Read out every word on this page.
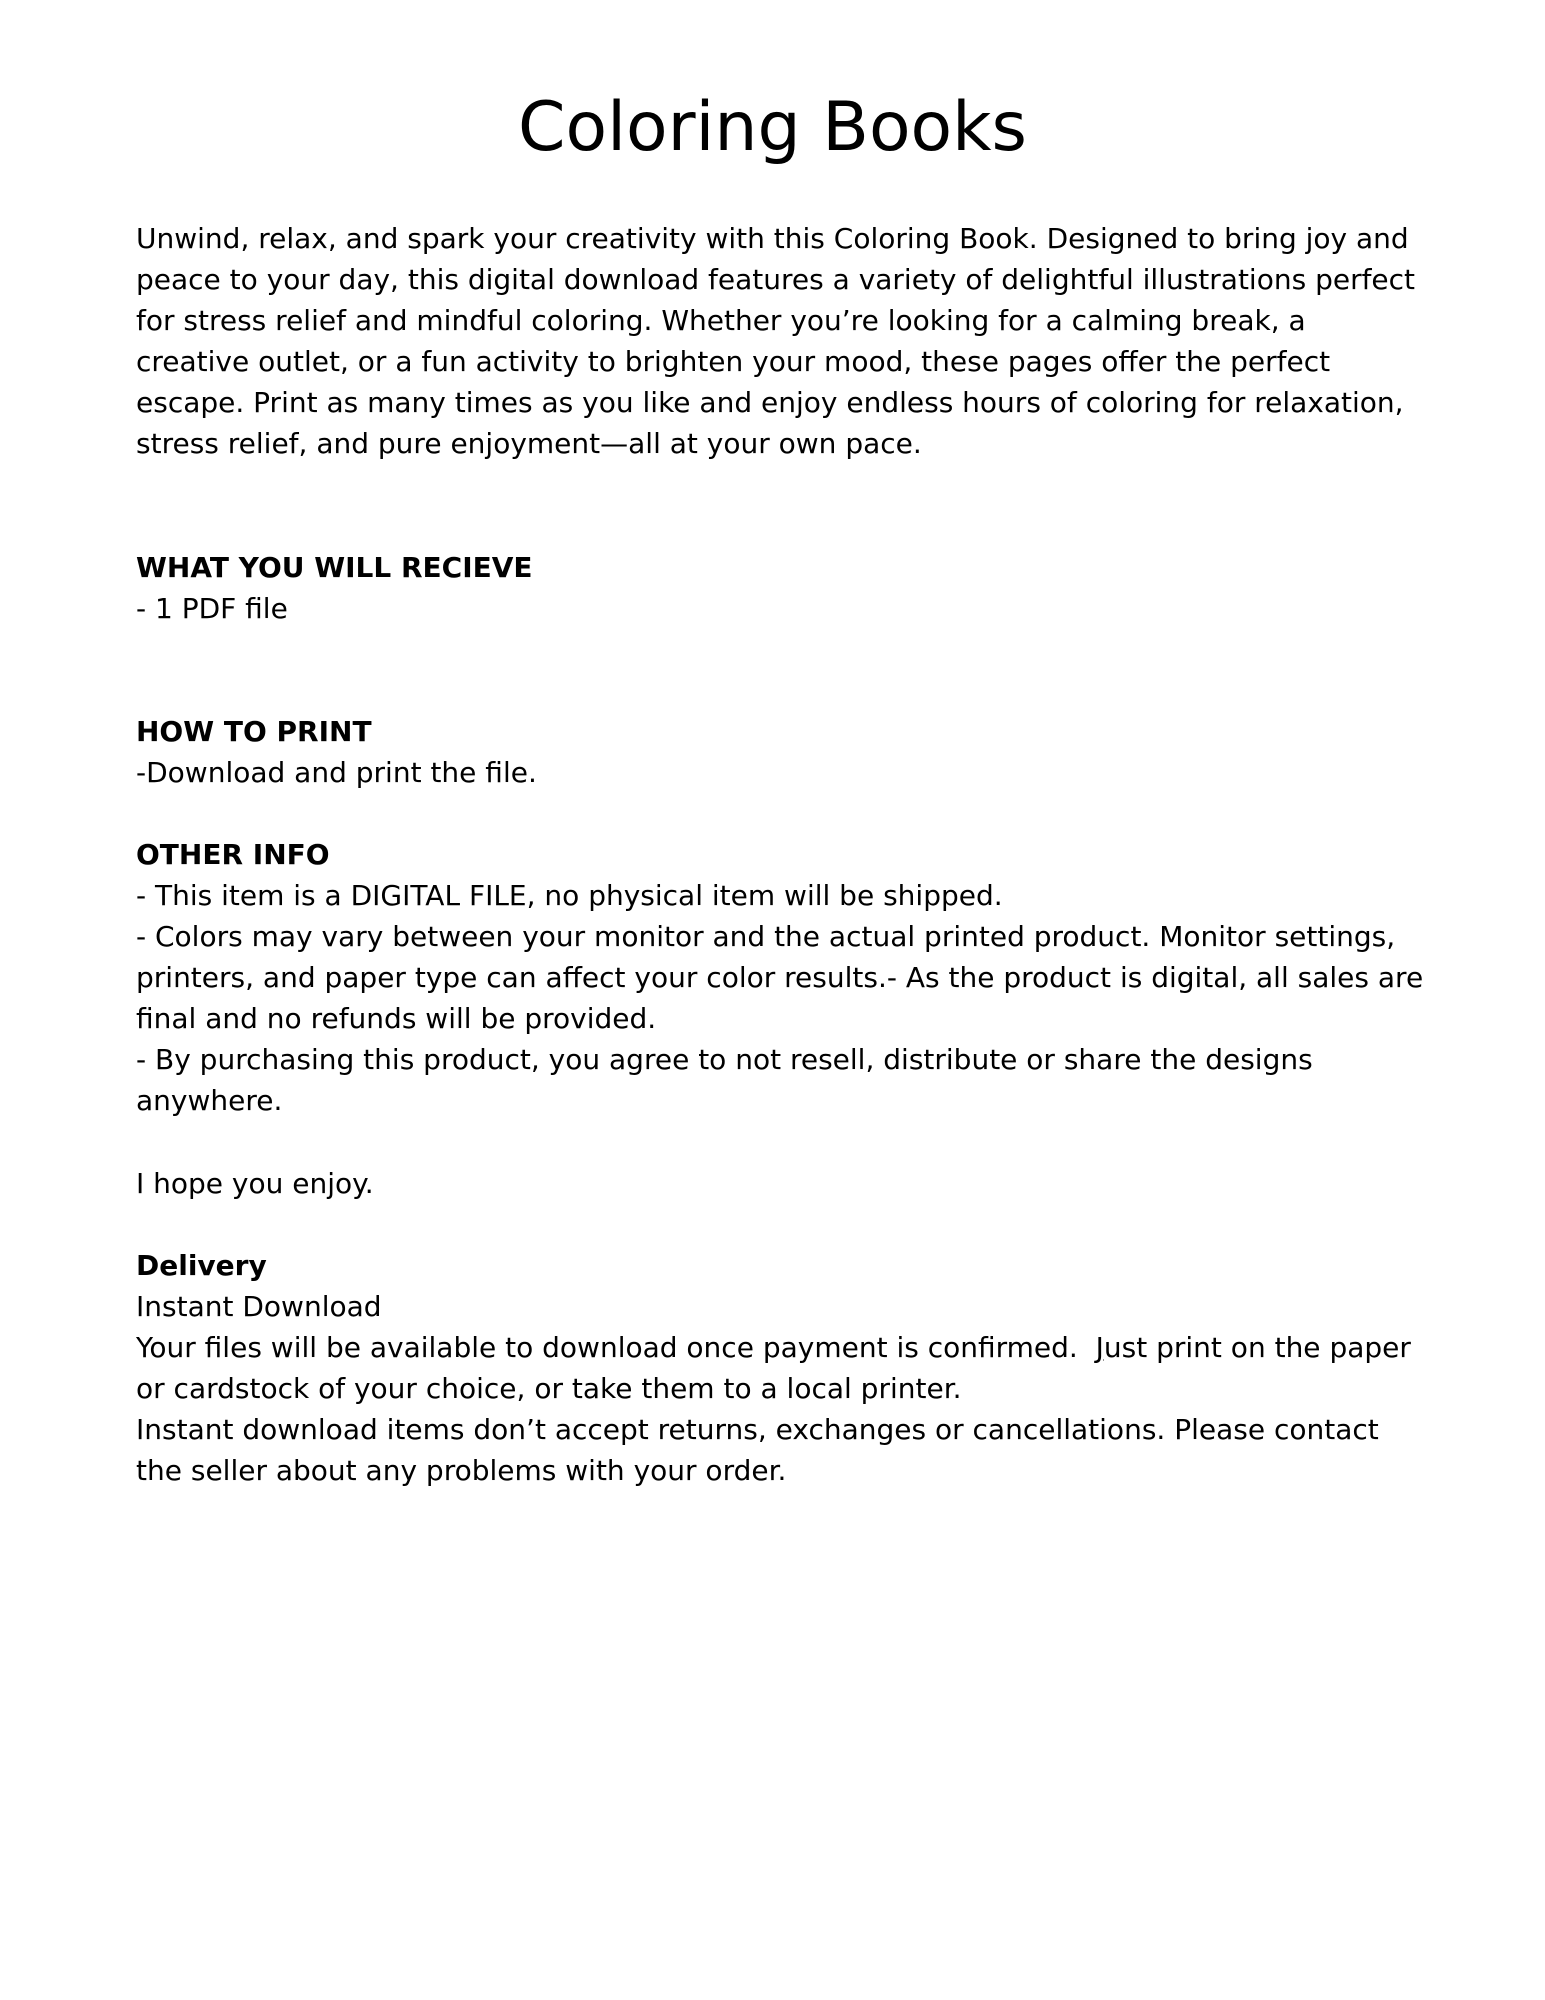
Coloring Books

Unwind, relax, and spark your creativity with this Coloring Book. Designed to bring joy and peace to your day, this digital download features a variety of delightful illustrations perfect for stress relief and mindful coloring. Whether you’re looking for a calming break, a creative outlet, or a fun activity to brighten your mood, these pages offer the perfect escape. Print as many times as you like and enjoy endless hours of coloring for relaxation, stress relief, and pure enjoyment—all at your own pace.

WHAT YOU WILL RECIEVE
- 1 PDF file
HOW TO PRINT
-Download and print the file.
OTHER INFO
- This item is a DIGITAL FILE, no physical item will be shipped.
- Colors may vary between your monitor and the actual printed product. Monitor settings, printers, and paper type can affect your color results.- As the product is digital, all sales are final and no refunds will be provided.
- By purchasing this product, you agree to not resell, distribute or share the designs anywhere.
I hope you enjoy.
Delivery
Instant Download
Your files will be available to download once payment is confirmed.  Just print on the paper or cardstock of your choice, or take them to a local printer.
Instant download items don’t accept returns, exchanges or cancellations. Please contact the seller about any problems with your order.
